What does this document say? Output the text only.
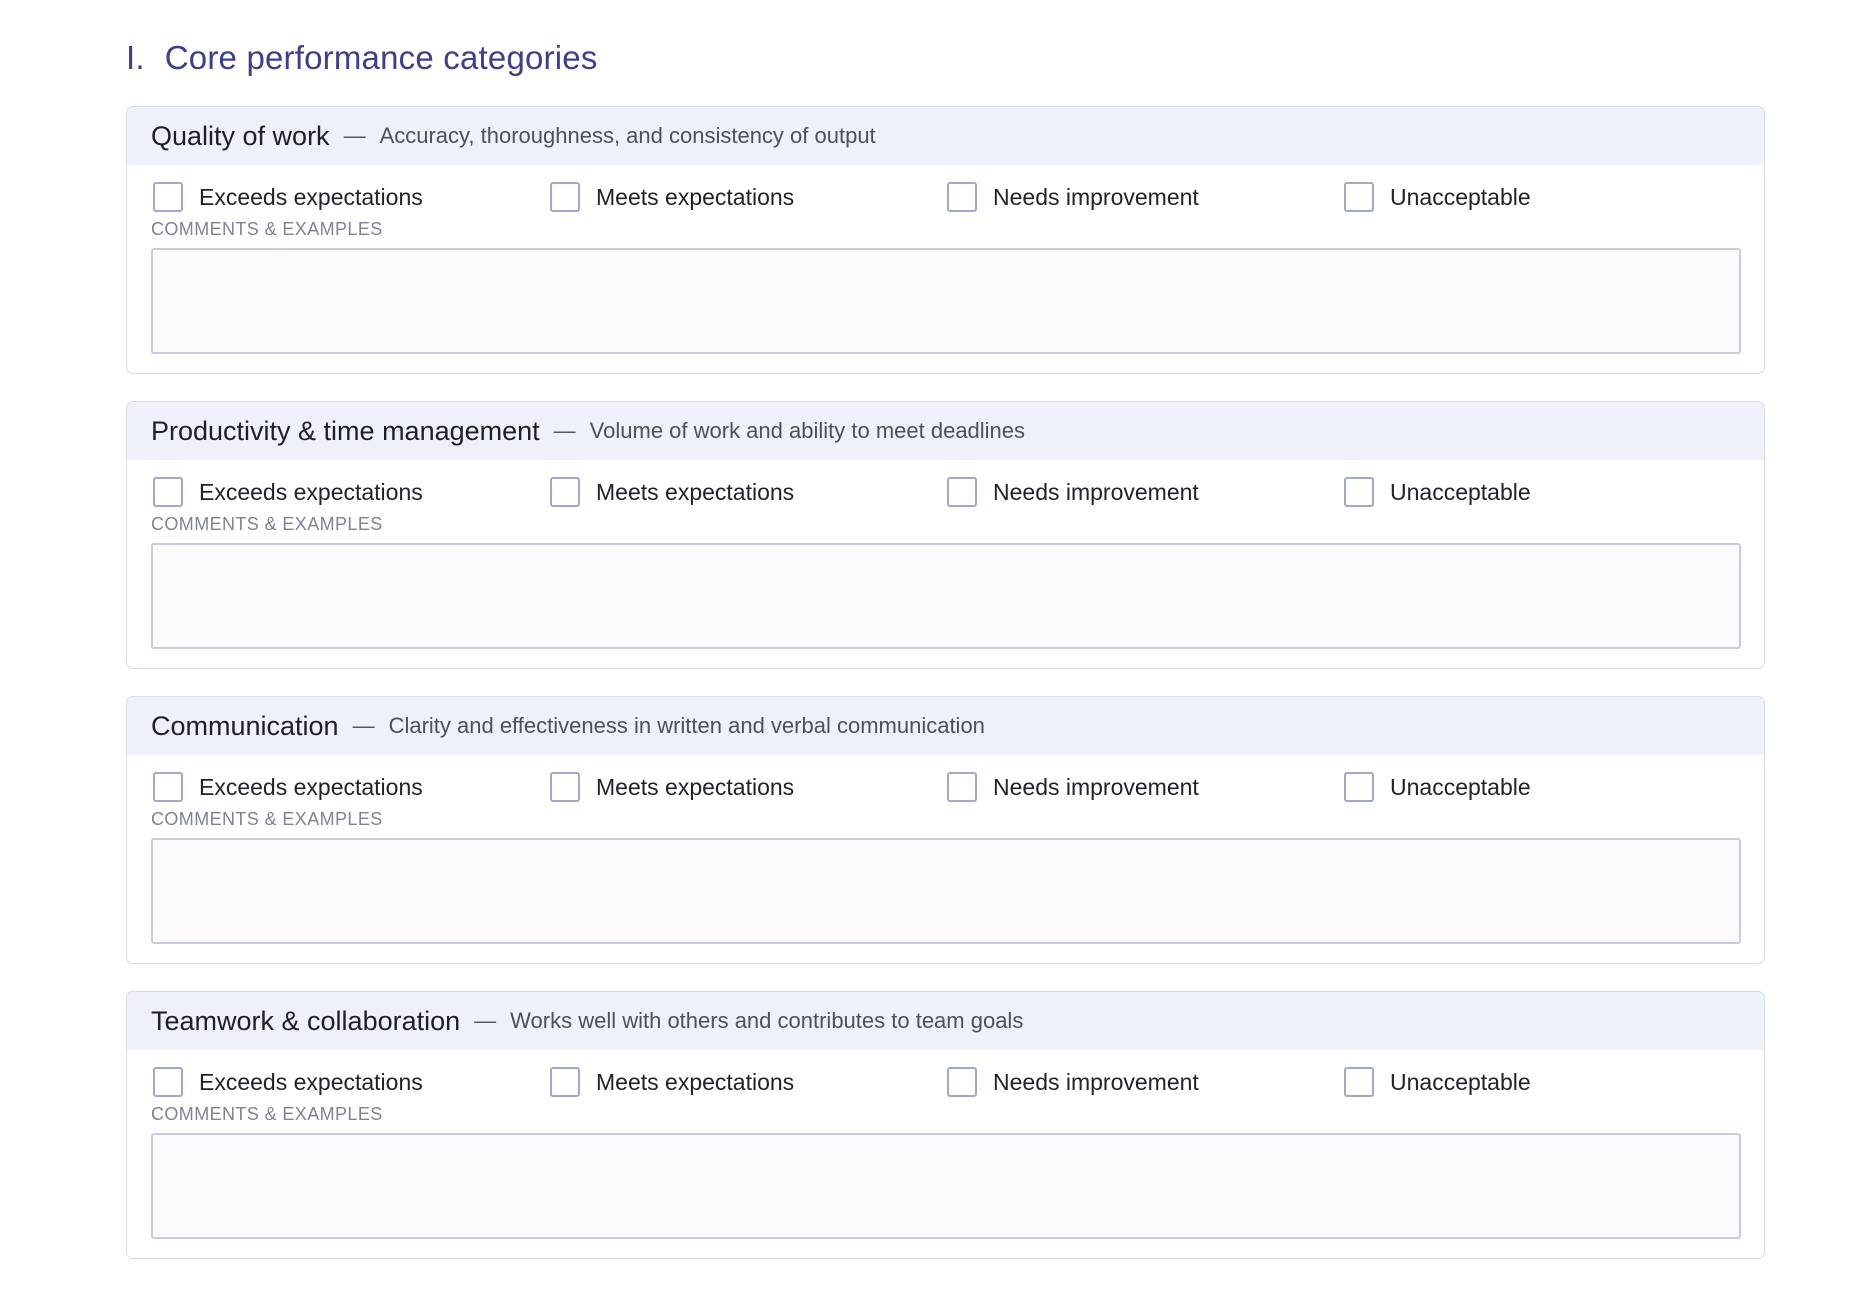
I. Core performance categories
Quality of work — Accuracy, thoroughness, and consistency of output
Exceeds expectations	Meets expectations	Needs improvement	Unacceptable
COMMENTS & EXAMPLES
Productivity & time management — Volume of work and ability to meet deadlines
Exceeds expectations	Meets expectations	Needs improvement	Unacceptable
COMMENTS & EXAMPLES
Communication — Clarity and effectiveness in written and verbal communication
Exceeds expectations	Meets expectations	Needs improvement	Unacceptable
COMMENTS & EXAMPLES
Teamwork & collaboration — Works well with others and contributes to team goals
Exceeds expectations	Meets expectations	Needs improvement	Unacceptable
COMMENTS & EXAMPLES
